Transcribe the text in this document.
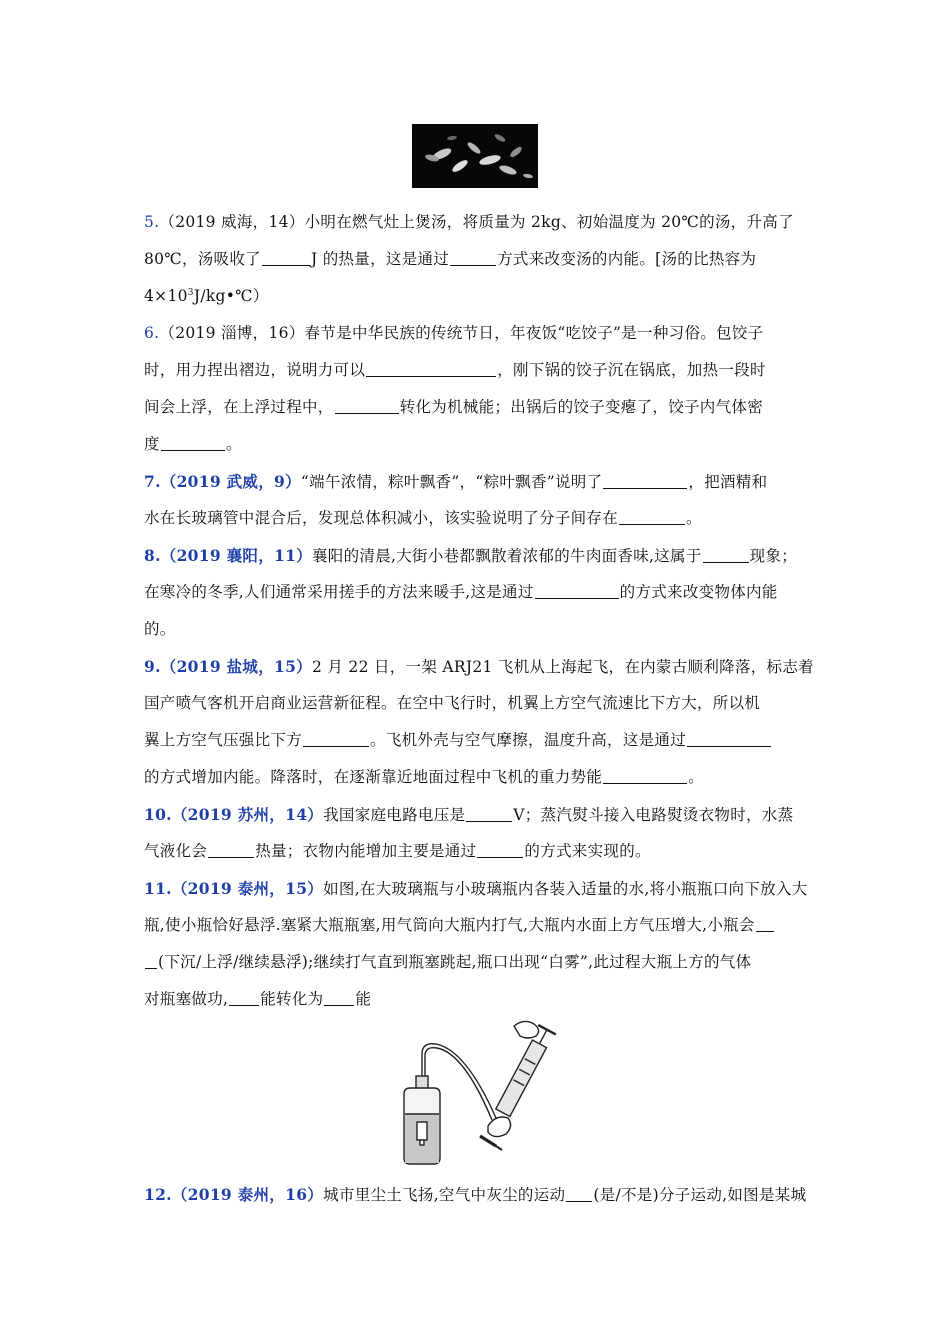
5.（2019 威海，14）小明在燃气灶上煲汤，将质量为 2kg、初始温度为 20℃的汤，升高了
80℃，汤吸收了	J 的热量，这是通过	方式来改变汤的内能。[汤的比热容为
$4\times 10^3J/kg•℃$）
6.（2019 淄博，16）春节是中华民族的传统节日，年夜饭“吃饺子”是一种习俗。包饺子
时，用力捏出褶边，说明力可以	，刚下锅的饺子沉在锅底，加热一段时
间会上浮，在上浮过程中，	转化为机械能；出锅后的饺子变瘪了，饺子内气体密
度	。
7.（2019 武威，9）“端午浓情，粽叶飘香”，“粽叶飘香”说明了	，把酒精和
水在长玻璃管中混合后，发现总体积减小，该实验说明了分子间存在	。
8.（2019 襄阳，11）襄阳的清晨,大街小巷都飘散着浓郁的牛肉面香味,这属于	现象；
在寒冷的冬季,人们通常采用搓手的方法来暖手,这是通过	的方式来改变物体内能
的。
9.（2019 盐城，15）2 月 22 日，一架 ARJ21 飞机从上海起飞，在内蒙古顺利降落，标志着
国产喷气客机开启商业运营新征程。在空中飞行时，机翼上方空气流速比下方大，所以机
翼上方空气压强比下方	。飞机外壳与空气摩擦，温度升高，这是通过
的方式增加内能。降落时，在逐渐靠近地面过程中飞机的重力势能	。
10.（2019 苏州，14）我国家庭电路电压是	V；蒸汽熨斗接入电路熨烫衣物时，水蒸
气液化会	热量；衣物内能增加主要是通过	的方式来实现的。
11.（2019 泰州，15）如图,在大玻璃瓶与小玻璃瓶内各装入适量的水,将小瓶瓶口向下放入大
瓶,使小瓶恰好悬浮.塞紧大瓶瓶塞,用气筒向大瓶内打气,大瓶内水面上方气压增大,小瓶会
(下沉/上浮/继续悬浮);继续打气直到瓶塞跳起,瓶口出现“白雾”,此过程大瓶上方的气体
对瓶塞做功, 能转化为 能
12.（2019 泰州，16）城市里尘土飞扬,空气中灰尘的运动 (是/不是)分子运动,如图是某城
